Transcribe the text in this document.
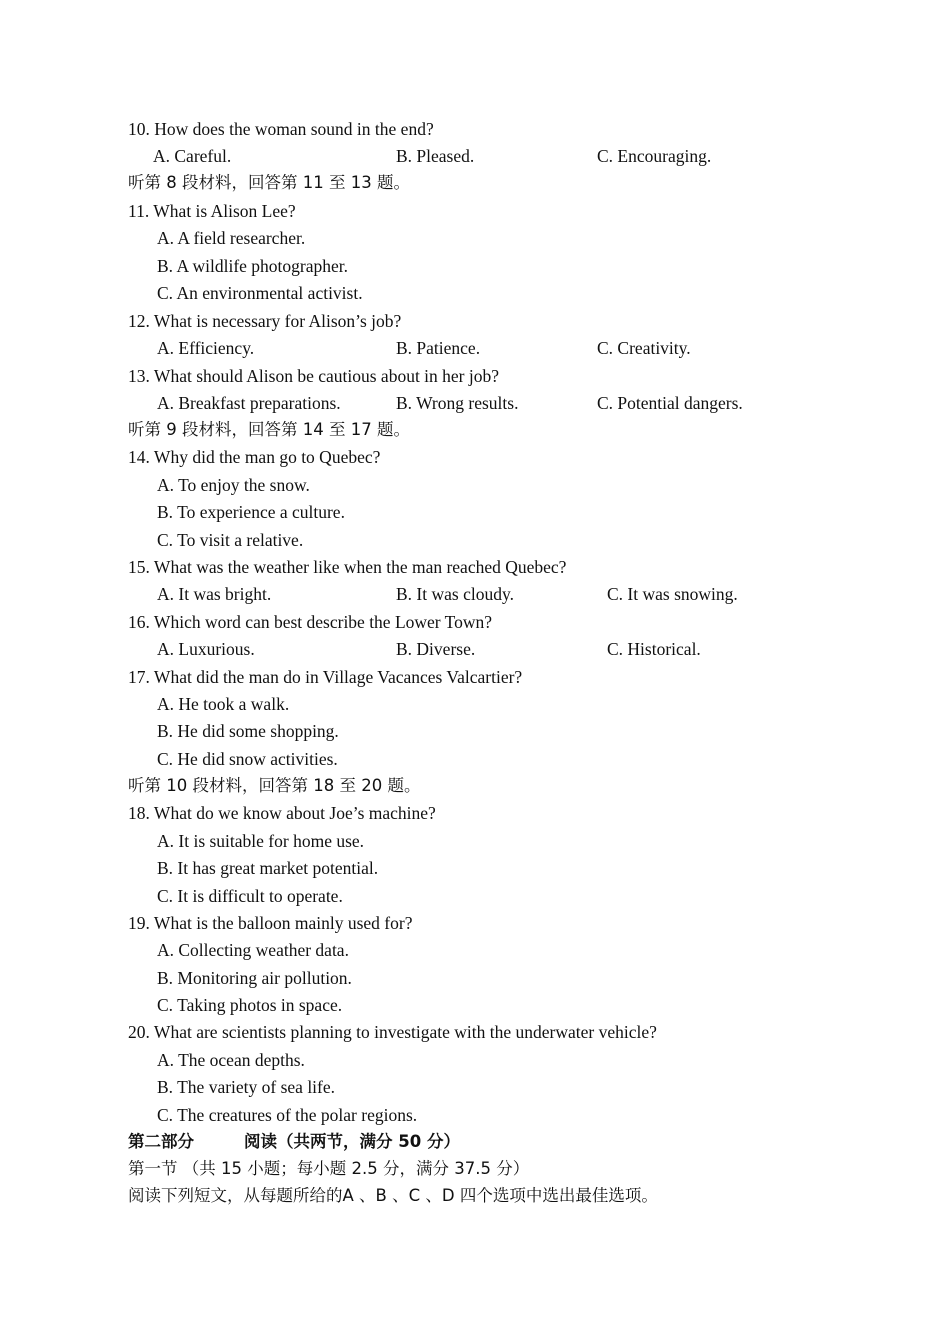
10. How does the woman sound in the end?
A. Careful.	B. Pleased.	C. Encouraging.
听第 8 段材料，回答第 11 至 13 题。
11. What is Alison Lee?
A. A field researcher.
B. A wildlife photographer.
C. An environmental activist.
12. What is necessary for Alison’s job?
A. Efficiency.	B. Patience.	C. Creativity.
13. What should Alison be cautious about in her job?
A. Breakfast preparations.	B. Wrong results.	C. Potential dangers.
听第 9 段材料，回答第 14 至 17 题。
14. Why did the man go to Quebec?
A. To enjoy the snow.
B. To experience a culture.
C. To visit a relative.
15. What was the weather like when the man reached Quebec?
A. It was bright.	B. It was cloudy.	C. It was snowing.
16. Which word can best describe the Lower Town?
A. Luxurious.	B. Diverse.	C. Historical.
17. What did the man do in Village Vacances Valcartier?
A. He took a walk.
B. He did some shopping.
C. He did snow activities.
听第 10 段材料，回答第 18 至 20 题。
18. What do we know about Joe’s machine?
A. It is suitable for home use.
B. It has great market potential.
C. It is difficult to operate.
19. What is the balloon mainly used for?
A. Collecting weather data.
B. Monitoring air pollution.
C. Taking photos in space.
20. What are scientists planning to investigate with the underwater vehicle?
A. The ocean depths.
B. The variety of sea life.
C. The creatures of the polar regions.
第二部分	阅读（共两节，满分 50 分）
第一节 （共 15 小题；每小题 2.5 分，满分 37.5 分）
阅读下列短文，从每题所给的A 、B 、C 、D 四个选项中选出最佳选项。
